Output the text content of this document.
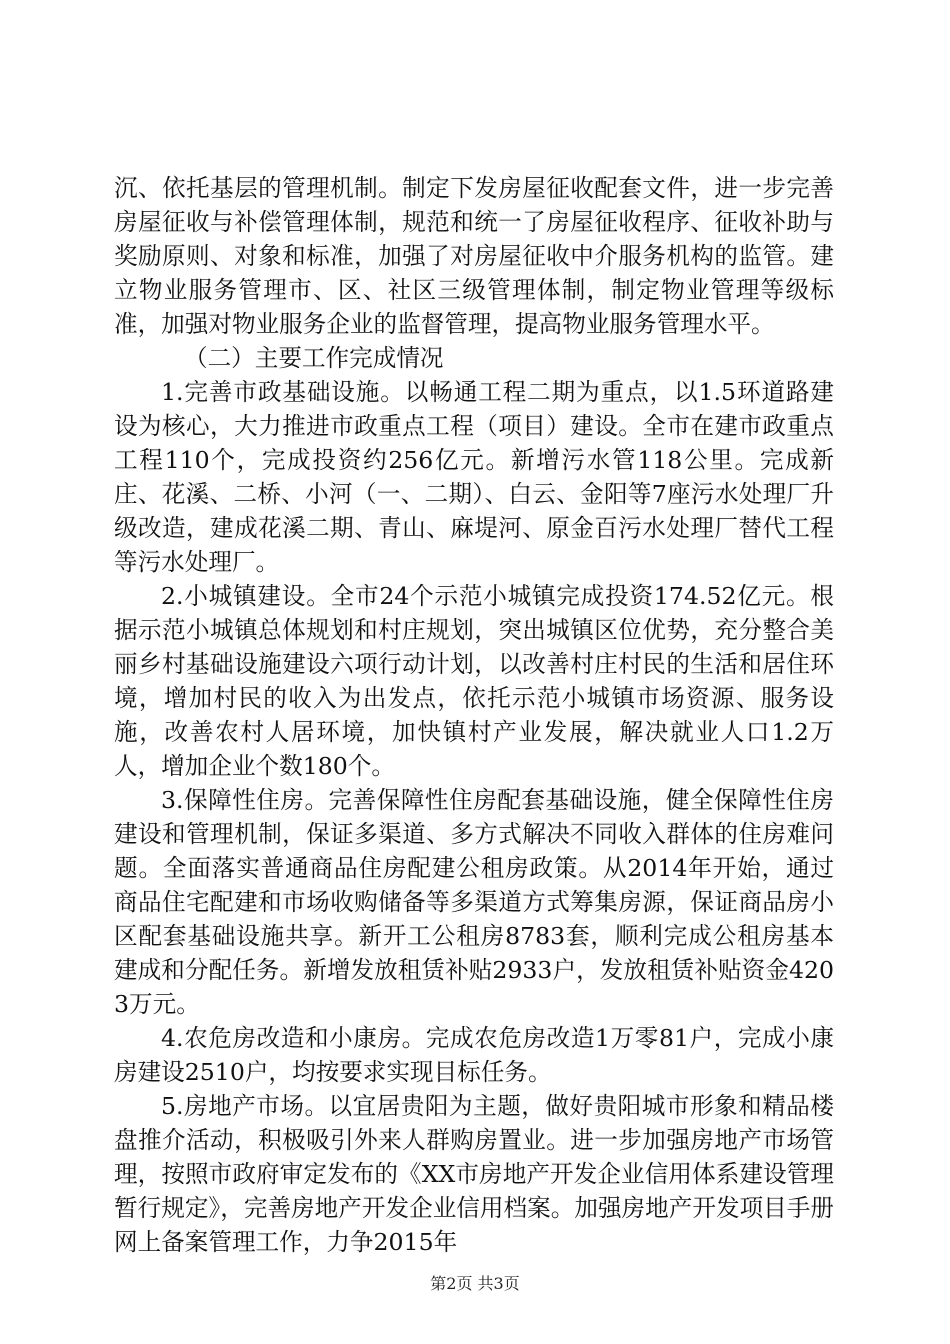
沉、依托基层的管理机制。制定下发房屋征收配套文件，进一步完善房屋征收与补偿管理体制，规范和统一了房屋征收程序、征收补助与奖励原则、对象和标准，加强了对房屋征收中介服务机构的监管。建立物业服务管理市、区、社区三级管理体制，制定物业管理等级标准，加强对物业服务企业的监督管理，提高物业服务管理水平。

（二）主要工作完成情况

1.完善市政基础设施。以畅通工程二期为重点，以1.5环道路建设为核心，大力推进市政重点工程（项目）建设。全市在建市政重点工程110个，完成投资约256亿元。新增污水管118公里。完成新庄、花溪、二桥、小河（一、二期）、白云、金阳等7座污水处理厂升级改造，建成花溪二期、青山、麻堤河、原金百污水处理厂替代工程等污水处理厂。

2.小城镇建设。全市24个示范小城镇完成投资174.52亿元。根据示范小城镇总体规划和村庄规划，突出城镇区位优势，充分整合美丽乡村基础设施建设六项行动计划，以改善村庄村民的生活和居住环境，增加村民的收入为出发点，依托示范小城镇市场资源、服务设施，改善农村人居环境，加快镇村产业发展，解决就业人口1.2万人，增加企业个数180个。

3.保障性住房。完善保障性住房配套基础设施，健全保障性住房建设和管理机制，保证多渠道、多方式解决不同收入群体的住房难问题。全面落实普通商品住房配建公租房政策。从2014年开始，通过商品住宅配建和市场收购储备等多渠道方式筹集房源，保证商品房小区配套基础设施共享。新开工公租房8783套，顺利完成公租房基本建成和分配任务。新增发放租赁补贴2933户，发放租赁补贴资金4203万元。

4.农危房改造和小康房。完成农危房改造1万零81户，完成小康房建设2510户，均按要求实现目标任务。

5.房地产市场。以宜居贵阳为主题，做好贵阳城市形象和精品楼盘推介活动，积极吸引外来人群购房置业。进一步加强房地产市场管理，按照市政府审定发布的《XX市房地产开发企业信用体系建设管理暂行规定》，完善房地产开发企业信用档案。加强房地产开发项目手册网上备案管理工作，力争2015年

第2页 共3页
